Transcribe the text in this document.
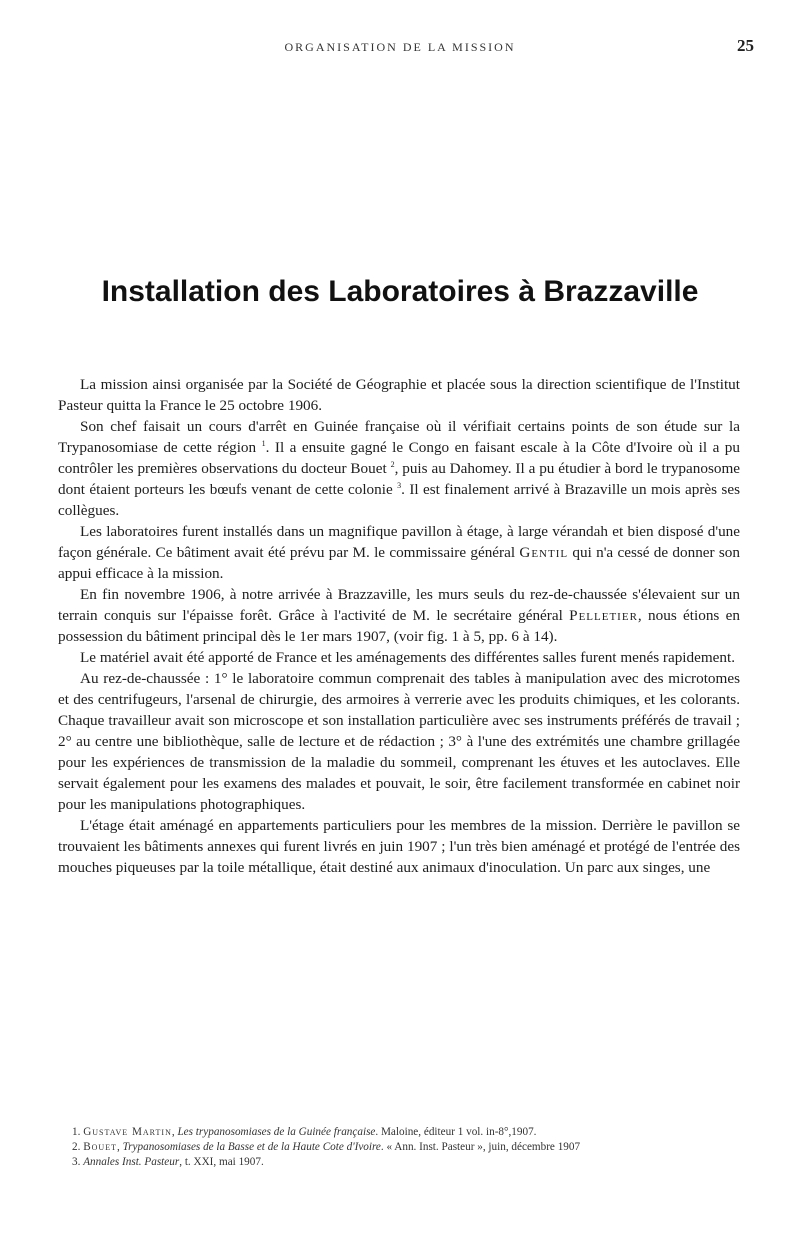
ORGANISATION DE LA MISSION	25
Installation des Laboratoires à Brazzaville

La mission ainsi organisée par la Société de Géographie et placée sous la direction scientifique de l'Institut Pasteur quitta la France le 25 octobre 1906.

Son chef faisait un cours d'arrêt en Guinée française où il vérifiait certains points de son étude sur la Trypanosomiase de cette région $^1$. Il a ensuite gagné le Congo en faisant escale à la Côte d'Ivoire où il a pu contrôler les premières observations du docteur Bouet $^2$, puis au Dahomey. Il a pu étudier à bord le trypanosome dont étaient porteurs les bœufs venant de cette colonie $^3$. Il est finalement arrivé à Brazaville un mois après ses collègues.

Les laboratoires furent installés dans un magnifique pavillon à étage, à large vérandah et bien disposé d'une façon générale. Ce bâtiment avait été prévu par M. le commissaire général Gentil qui n'a cessé de donner son appui efficace à la mission.

En fin novembre 1906, à notre arrivée à Brazzaville, les murs seuls du rez-de-chaussée s'élevaient sur un terrain conquis sur l'épaisse forêt. Grâce à l'activité de M. le secrétaire général Pelletier, nous étions en possession du bâtiment principal dès le 1er mars 1907, (voir fig. 1 à 5, pp. 6 à 14).

Le matériel avait été apporté de France et les aménagements des différentes salles furent menés rapidement.

Au rez-de-chaussée : 1° le laboratoire commun comprenait des tables à manipulation avec des microtomes et des centrifugeurs, l'arsenal de chirurgie, des armoires à verrerie avec les produits chimiques, et les colorants. Chaque travailleur avait son microscope et son installation particulière avec ses instruments préférés de travail ; 2° au centre une bibliothèque, salle de lecture et de rédaction ; 3° à l'une des extrémités une chambre grillagée pour les expériences de transmission de la maladie du sommeil, comprenant les étuves et les autoclaves. Elle servait également pour les examens des malades et pouvait, le soir, être facilement transformée en cabinet noir pour les manipulations photographiques.

L'étage était aménagé en appartements particuliers pour les membres de la mission. Derrière le pavillon se trouvaient les bâtiments annexes qui furent livrés en juin 1907 ; l'un très bien aménagé et protégé de l'entrée des mouches piqueuses par la toile métallique, était destiné aux animaux d'inoculation. Un parc aux singes, une

1. Gustave Martin, Les trypanosomiases de la Guinée française. Maloine, éditeur 1 vol. in-8°,1907.

2. Bouet, Trypanosomiases de la Basse et de la Haute Cote d'Ivoire. « Ann. Inst. Pasteur », juin, décembre 1907

3. Annales Inst. Pasteur, t. XXI, mai 1907.
